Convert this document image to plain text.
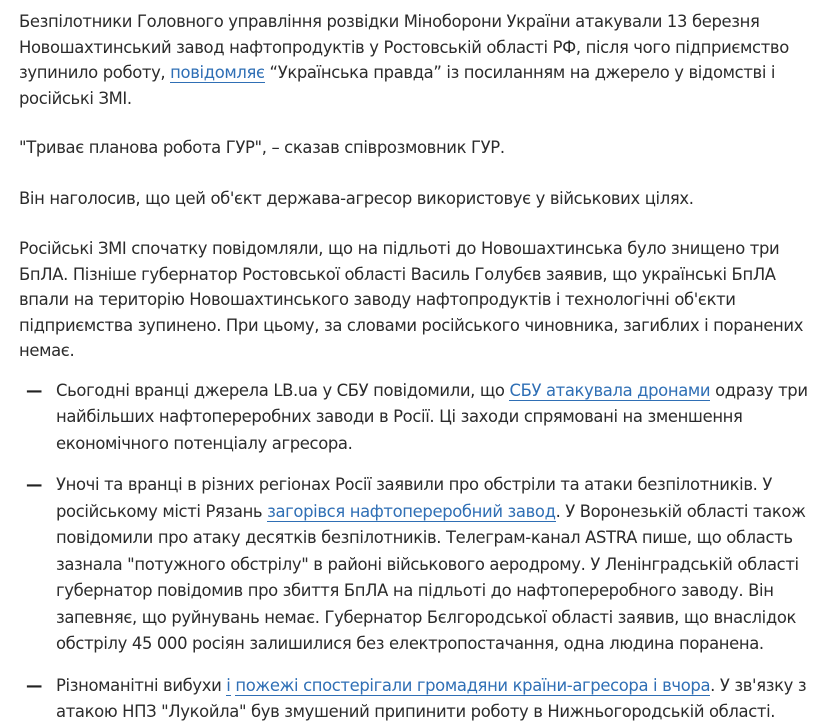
Безпілотники Головного управління розвідки Міноборони України атакували 13 березня Новошахтинський завод нафтопродуктів у Ростовській області РФ, після чого підприємство зупинило роботу, повідомляє “Українська правда” із посиланням на джерело у відомстві і російські ЗМІ.

"Триває планова робота ГУР", – сказав співрозмовник ГУР.

Він наголосив, що цей об'єкт держава-агресор використовує у військових цілях.

Російські ЗМІ спочатку повідомляли, що на підльоті до Новошахтинська було знищено три БпЛА. Пізніше губернатор Ростовської області Василь Голубєв заявив, що українські БпЛА впали на територію Новошахтинського заводу нафтопродуктів і технологічні об'єкти підприємства зупинено. При цьому, за словами російського чиновника, загиблих і поранених немає.

— Сьогодні вранці джерела LB.ua у СБУ повідомили, що СБУ атакувала дронами одразу три найбільших нафтопереробних заводи в Росії. Ці заходи спрямовані на зменшення економічного потенціалу агресора.
— Уночі та вранці в різних регіонах Росії заявили про обстріли та атаки безпілотників. У російському місті Рязань загорівся нафтопереробний завод. У Воронезькій області також повідомили про атаку десятків безпілотників. Телеграм-канал ASTRA пише, що область зазнала "потужного обстрілу" в районі військового аеродрому. У Ленінградській області губернатор повідомив про збиття БпЛА на підльоті до нафтопереробного заводу. Він запевняє, що руйнувань немає. Губернатор Бєлгородської області заявив, що внаслідок обстрілу 45 000 росіян залишилися без електропостачання, одна людина поранена.
— Різноманітні вибухи і пожежі спостерігали громадяни країни-агресора і вчора. У зв'язку з атакою НПЗ "Лукойла" був змушений припинити роботу в Нижньогородській області.
